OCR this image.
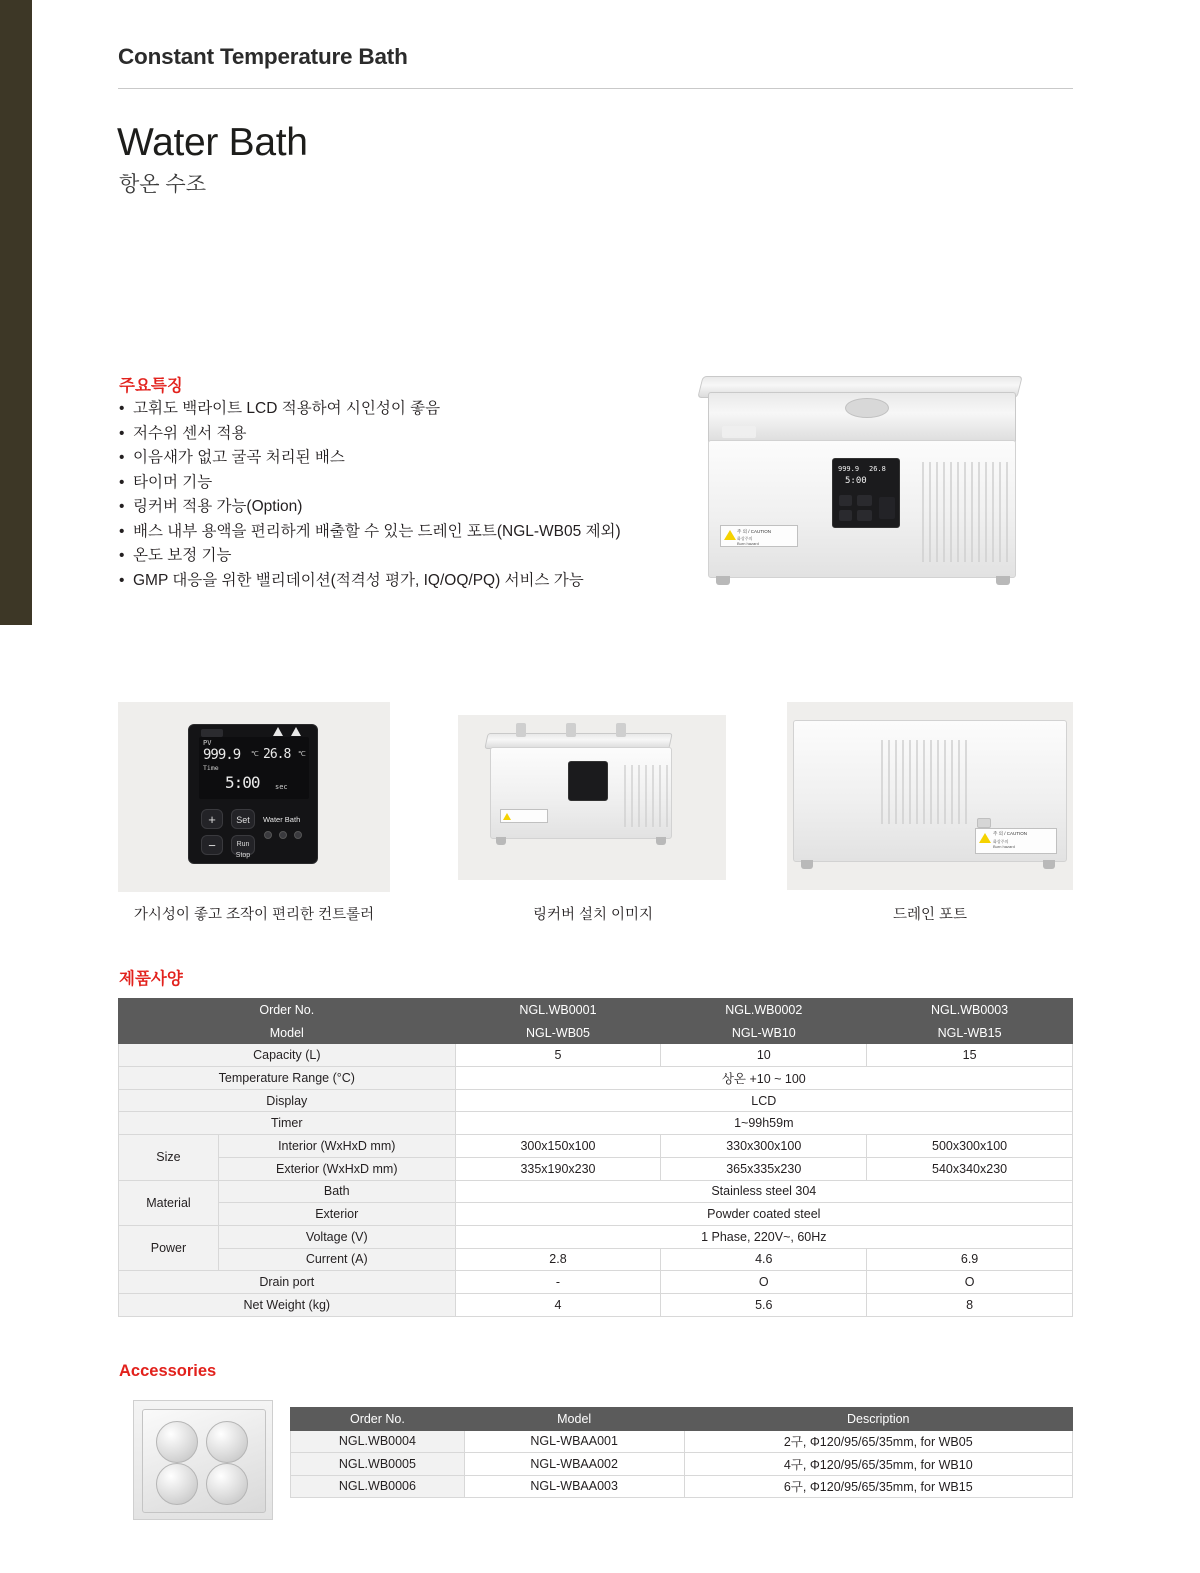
Constant Temperature Bath
Water Bath
항온 수조
주요특징
• 고휘도 백라이트 LCD 적용하여 시인성이 좋음
• 저수위 센서 적용
• 이음새가 없고 굴곡 처리된 배스
• 타이머 기능
• 링커버 적용 가능(Option)
• 배스 내부 용액을 편리하게 배출할 수 있는 드레인 포트(NGL-WB05 제외)
• 온도 보정 기능
• GMP 대응을 위한 밸리데이션(적격성 평가, IQ/OQ/PQ) 서비스 가능
999.9 26.8
5:00
주 의 / CAUTION
화상주의
Burn hazard
PV
999.9 ℃ 26.8 ℃
Time
5:00 sec
+	Set
−	Run
Stop
Water Bath
가시성이 좋고 조작이 편리한 컨트롤러	링커버 설치 이미지
주 의 / CAUTION
화상주의
Burn hazard
드레인 포트
제품사양
Order No.		NGL.WB0001	NGL.WB0002	NGL.WB0003
Model		NGL-WB05	NGL-WB10	NGL-WB15
Capacity (L)		5	10	15
Temperature Range (°C)		상온 +10 ~ 100		
Display		LCD		
Timer		1~99h59m		
Size	Interior (WxHxD mm)	300x150x100	330x300x100	500x300x100
	Exterior (WxHxD mm)	335x190x230	365x335x230	540x340x230
Material	Bath	Stainless steel 304		
	Exterior	Powder coated steel		
Power	Voltage (V)	1 Phase, 220V~, 60Hz		
	Current (A)	2.8	4.6	6.9
Drain port		-	O	O
Net Weight (kg)		4	5.6	8
Accessories
Order No.	Model	Description
NGL.WB0004	NGL-WBAA001	2구, Φ120/95/65/35mm, for WB05
NGL.WB0005	NGL-WBAA002	4구, Φ120/95/65/35mm, for WB10
NGL.WB0006	NGL-WBAA003	6구, Φ120/95/65/35mm, for WB15
